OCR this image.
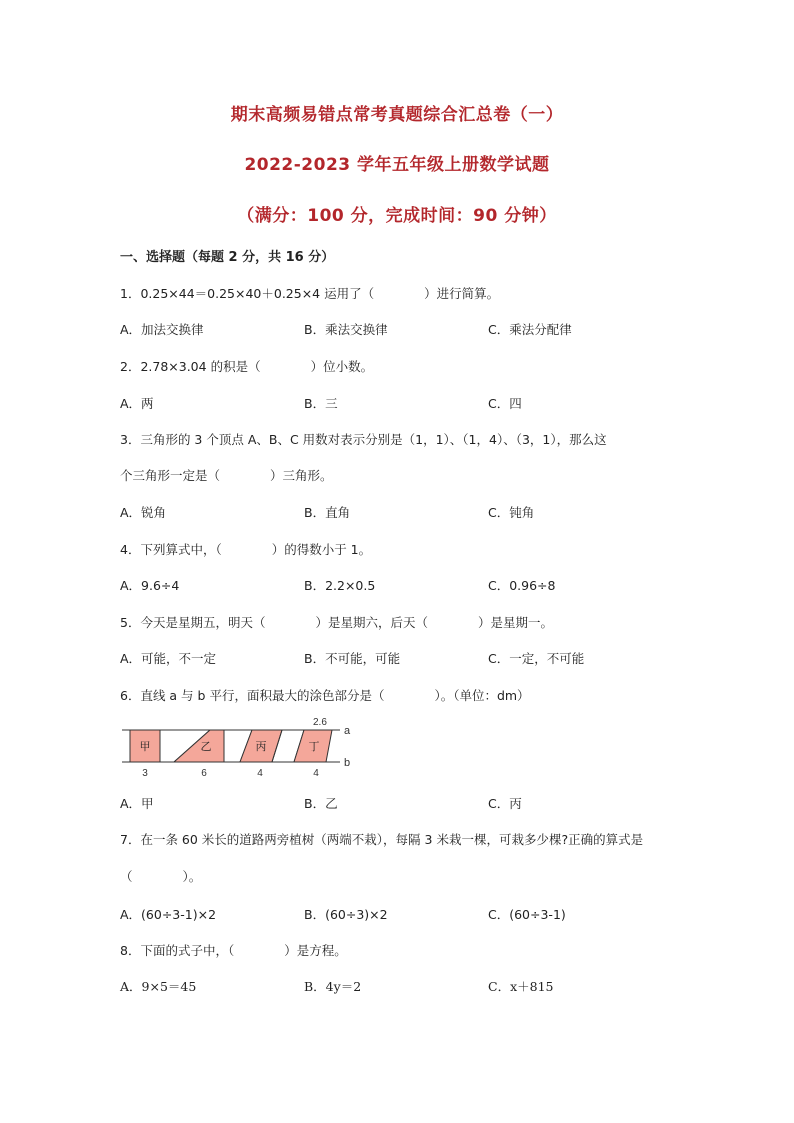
期末高频易错点常考真题综合汇总卷（一）
2022-2023 学年五年级上册数学试题
（满分：100 分，完成时间：90 分钟）
一、选择题（每题 2 分，共 16 分）
1．0.25×44＝0.25×40＋0.25×4 运用了（　　　　）进行简算。
A．加法交换律	B．乘法交换律	C．乘法分配律
2．2.78×3.04 的积是（　　　　）位小数。
A．两	B．三	C．四
3．三角形的 3 个顶点 A、B、C 用数对表示分别是（1，1）、（1，4）、（3，1），那么这
个三角形一定是（　　　　）三角形。
A．锐角	B．直角	C．钝角
4．下列算式中，（　　　　）的得数小于 1。
A．9.6÷4	B．2.2×0.5	C．0.96÷8
5．今天是星期五，明天（　　　　）是星期六，后天（　　　　）是星期一。
A．可能，不一定	B．不可能，可能	C．一定，不可能
6．直线 a 与 b 平行，面积最大的涂色部分是（　　　　）。（单位：dm）
a
b
2.6
甲
3
乙
6
丙
4
丁
4
A．甲	B．乙	C．丙
7．在一条 60 米长的道路两旁植树（两端不栽），每隔 3 米栽一棵，可栽多少棵?正确的算式是
（　　　　）。
A．(60÷3-1)×2	B．(60÷3)×2	C．(60÷3-1)
8．下面的式子中，（　　　　）是方程。
A．9×5＝45	B．4y＝2	C．x＋815
